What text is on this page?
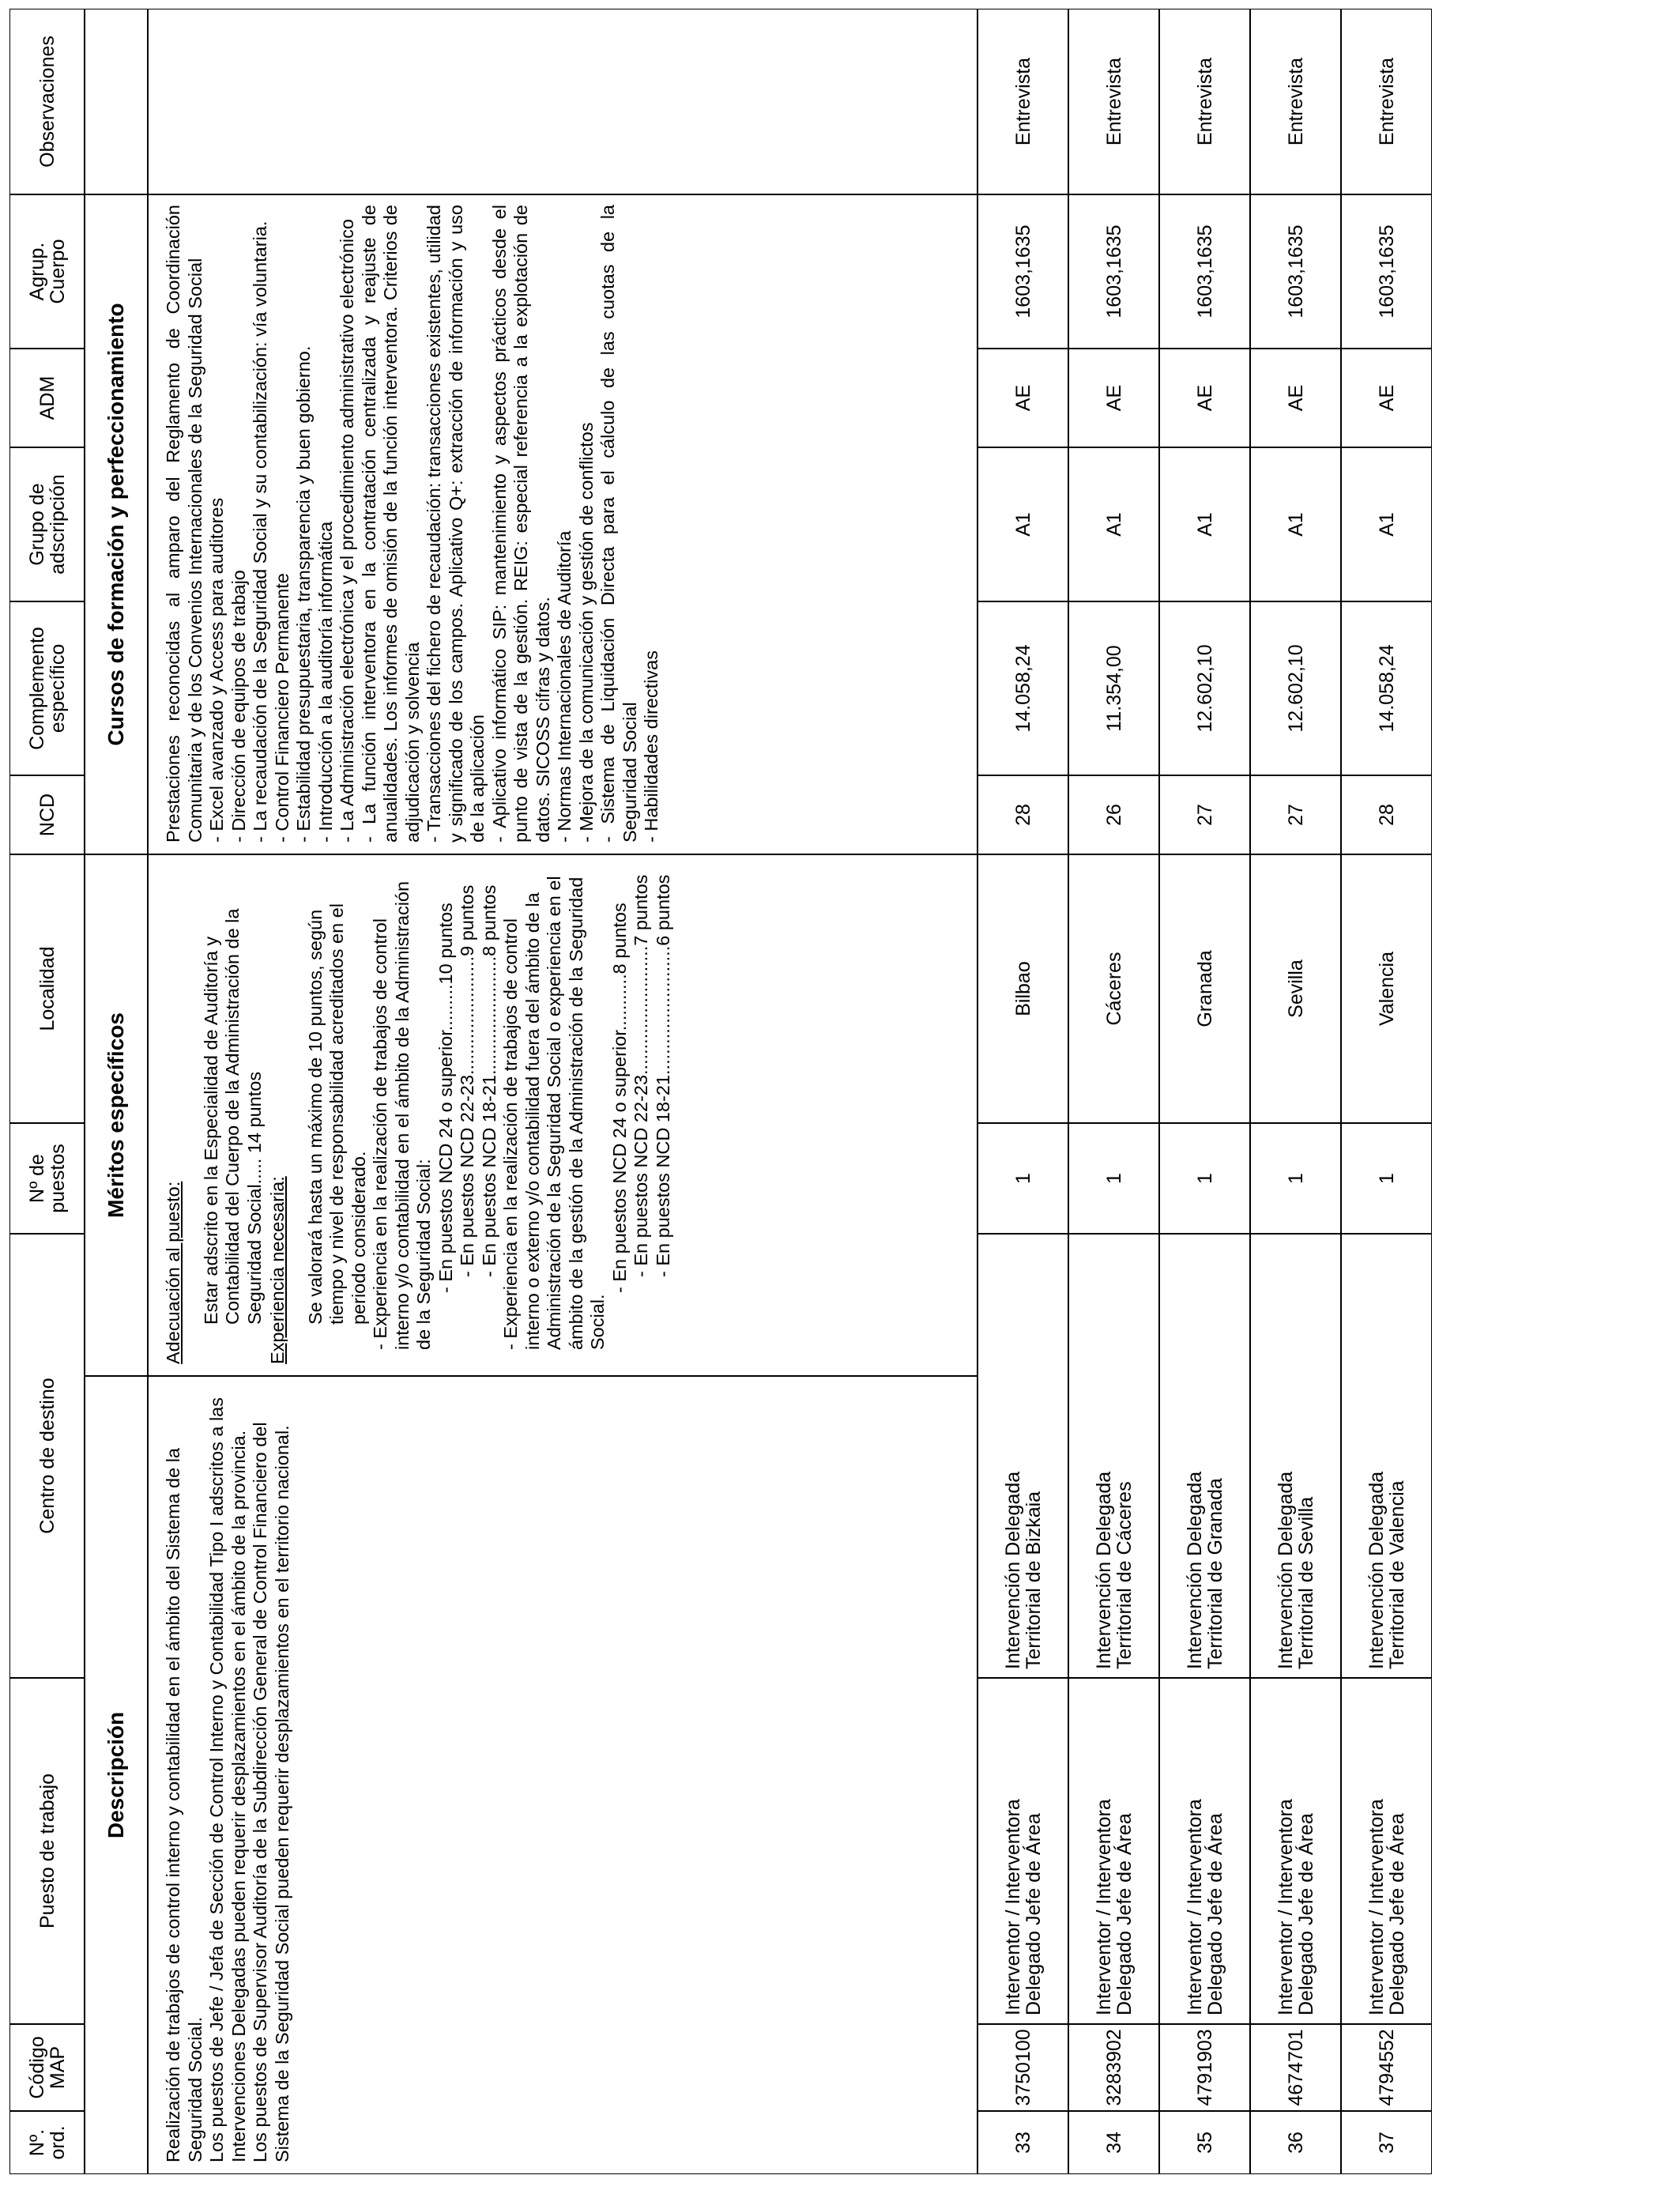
Nº.
ord.
Código
MAP
Puesto de trabajo
Centro de destino
Nº de
puestos
Localidad
NCD
Complemento
específico
Grupo de
adscripción
ADM
Agrup.
Cuerpo
Observaciones
Descripción
Méritos específicos
Cursos de formación y perfeccionamiento
Realización de trabajos de control interno y contabilidad en el ámbito del Sistema de la Seguridad Social.
Los puestos de Jefe / Jefa de Sección de Control Interno y Contabilidad Tipo I adscritos a las Intervenciones Delegadas pueden requerir desplazamientos en el ámbito de la provincia.
Los puestos de Supervisor Auditoría de la Subdirección General de Control Financiero del Sistema de la Seguridad Social pueden requerir desplazamientos en el territorio nacional.
Adecuación al puesto: Estar adscrito en la Especialidad de Auditoría y Contabilidad del Cuerpo de la Administración de la Seguridad Social..... 14 puntos Experiencia necesaria: Se valorará hasta un máximo de 10 puntos, según tiempo y nivel de responsabilidad acreditados en el periodo considerado. - Experiencia en la realización de trabajos de control interno y/o contabilidad en el ámbito de la Administración de la Seguridad Social: - En puestos NCD 24 o superior.........10 puntos - En puestos NCD 22-23.......................9 puntos - En puestos NCD 18-21.......................8 puntos - Experiencia en la realización de trabajos de control interno o externo y/o contabilidad fuera del ámbito de la Administración de la Seguridad Social o experiencia en el ámbito de la gestión de la Administración de la Seguridad Social.
- En puestos NCD 24 o superior...........8 puntos - En puestos NCD 22-23.........................7 puntos - En puestos NCD 18-21.........................6 puntos
Prestaciones reconocidas al amparo del Reglamento de Coordinación Comunitaria y de los Convenios Internacionales de la Seguridad Social
- Excel avanzado y Access para auditores
- Dirección de equipos de trabajo
- La recaudación de la Seguridad Social y su contabilización: vía voluntaria.
- Control Financiero Permanente
- Estabilidad presupuestaria, transparencia y buen gobierno.
- Introducción a la auditoría informática
- La Administración electrónica y el procedimiento administrativo electrónico
- La función interventora en la contratación centralizada y reajuste de anualidades. Los informes de omisión de la función interventora. Criterios de adjudicación y solvencia
- Transacciones del fichero de recaudación: transacciones existentes, utilidad y significado de los campos. Aplicativo Q+: extracción de información y uso de la aplicación
- Aplicativo informático SIP: mantenimiento y aspectos prácticos desde el punto de vista de la gestión. REIG: especial referencia a la explotación de datos. SICOSS cifras y datos.
- Normas Internacionales de Auditoría
- Mejora de la comunicación y gestión de conflictos
- Sistema de Liquidación Directa para el cálculo de las cuotas de la Seguridad Social
- Habilidades directivas
33
3750100
Interventor / Interventora
Delegado Jefe de Área
Intervención Delegada
Territorial de Bizkaia
1
Bilbao
28
14.058,24
A1
AE
1603,1635
Entrevista
34
3283902
Interventor / Interventora
Delegado Jefe de Área
Intervención Delegada
Territorial de Cáceres
1
Cáceres
26
11.354,00
A1
AE
1603,1635
Entrevista
35
4791903
Interventor / Interventora
Delegado Jefe de Área
Intervención Delegada
Territorial de Granada
1
Granada
27
12.602,10
A1
AE
1603,1635
Entrevista
36
4674701
Interventor / Interventora
Delegado Jefe de Área
Intervención Delegada
Territorial de Sevilla
1
Sevilla
27
12.602,10
A1
AE
1603,1635
Entrevista
37
4794552
Interventor / Interventora
Delegado Jefe de Área
Intervención Delegada
Territorial de Valencia
1
Valencia
28
14.058,24
A1
AE
1603,1635
Entrevista
